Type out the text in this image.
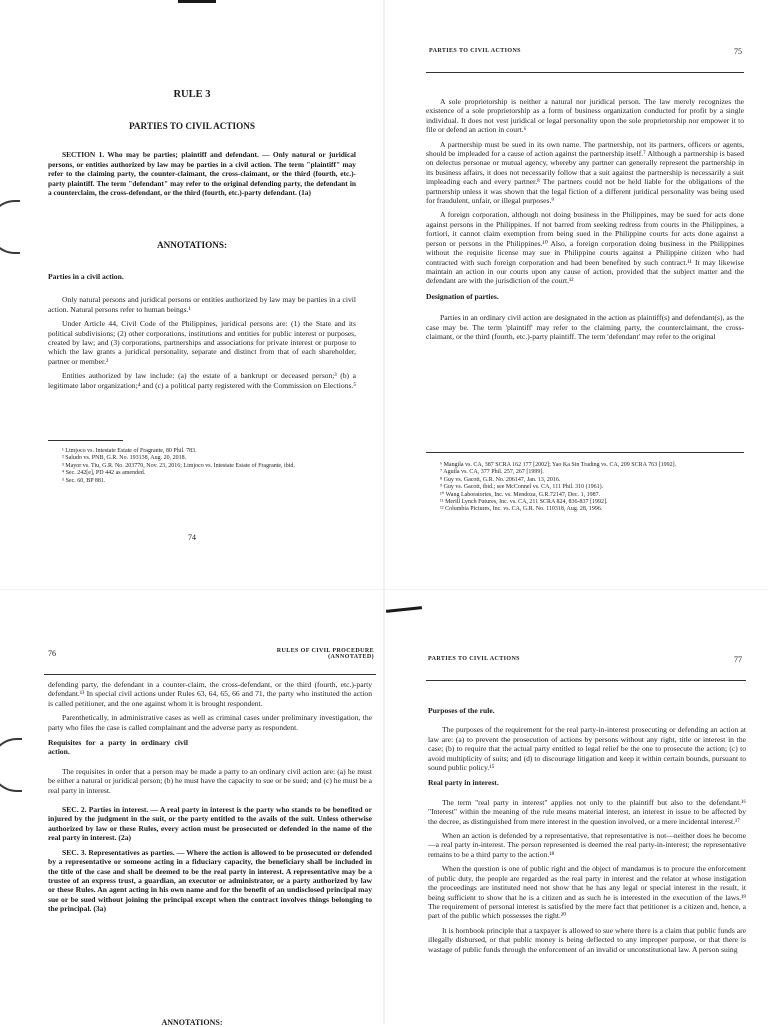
RULE 3
PARTIES TO CIVIL ACTIONS
SECTION 1. Who may be parties; plaintiff and defendant. — Only natural or juridical persons, or entities authorized by law may be parties in a civil action. The term "plaintiff" may refer to the claiming party, the counter-claimant, the cross-claimant, or the third (fourth, etc.)-party plaintiff. The term "defendant" may refer to the original defending party, the defendant in a counterclaim, the cross-defendant, or the third (fourth, etc.)-party defendant. (1a)
ANNOTATIONS:
Parties in a civil action.

Only natural persons and juridical persons or entities authorized by law may be parties in a civil action. Natural persons refer to human beings.¹

Under Article 44, Civil Code of the Philippines, juridical persons are: (1) the State and its political subdivisions; (2) other corporations, institutions and entities for public interest or purposes, created by law; and (3) corporations, partnerships and associations for private interest or purpose to which the law grants a juridical personality, separate and distinct from that of each shareholder, partner or member.²

Entities authorized by law include: (a) the estate of a bankrupt or deceased person;³ (b) a legitimate labor organization;⁴ and (c) a political party registered with the Commission on Elections.⁵

¹ Limjoco vs. Intestate Estate of Fragrante, 80 Phil. 783.
² Saludo vs. PNB, G.R. No. 193138, Aug. 20, 2018.
³ Mayor vs. Tiu, G.R. No. 203770, Nov. 23, 2016; Limjoco vs. Intestate Estate of Fragrante, ibid.
⁴ Sec. 242[e], PD 442 as amended.
⁵ Sec. 60, BP 881.
74
PARTIES TO CIVIL ACTIONS	75

A sole proprietorship is neither a natural nor juridical person. The law merely recognizes the existence of a sole proprietorship as a form of business organization conducted for profit by a single individual. It does not vest juridical or legal personality upon the sole proprietorship nor empower it to file or defend an action in court.⁶

A partnership must be sued in its own name. The partnership, not its partners, officers or agents, should be impleaded for a cause of action against the partnership itself.⁷ Although a partnership is based on delectus personae or mutual agency, whereby any partner can generally represent the partnership in its business affairs, it does not necessarily follow that a suit against the partnership is necessarily a suit impleading each and every partner.⁸ The partners could not be held liable for the obligations of the partnership unless it was shown that the legal fiction of a different juridical personality was being used for fraudulent, unfair, or illegal purposes.⁹

A foreign corporation, although not doing business in the Philippines, may be sued for acts done against persons in the Philippines. If not barred from seeking redress from courts in the Philippines, a fortiori, it cannot claim exemption from being sued in the Philippine courts for acts done against a person or persons in the Philippines.¹⁰ Also, a foreign corporation doing business in the Philippines without the requisite license may sue in Philippine courts against a Philippine citizen who had contracted with such foreign corporation and had been benefited by such contract.¹¹ It may likewise maintain an action in our courts upon any cause of action, provided that the subject matter and the defendant are with the jurisdiction of the court.¹²

Designation of parties.

Parties in an ordinary civil action are designated in the action as plaintiff(s) and defendant(s), as the case may be. The term 'plaintiff' may refer to the claiming party, the counterclaimant, the cross-claimant, or the third (fourth, etc.)-party plaintiff. The term 'defendant' may refer to the original

⁶ Mangila vs. CA, 387 SCRA 162 177 [2002]; Yao Ka Sin Trading vs. CA, 209 SCRA 763 [1992].
⁷ Aguila vs. CA, 377 Phil. 257, 267 [1999].
⁸ Guy vs. Gacott, G.R. No. 206147, Jan. 13, 2016.
⁹ Guy vs. Gacott, ibid.; see McConnel vs. CA, 111 Phil. 310 (1961).
¹⁰ Wang Laboratories, Inc. vs. Mendoza, G.R.72147, Dec. 1, 1987.
¹¹ Merill Lynch Futures, Inc. vs. CA, 211 SCRA 824, 836-837 [1992].
¹² Columbia Pictures, Inc. vs. CA, G.R. No. 110318, Aug. 28, 1996.
76	RULES OF CIVIL PROCEDURE
(ANNOTATED)

defending party, the defendant in a counter-claim, the cross-defendant, or the third (fourth, etc.)-party defendant.¹³ In special civil actions under Rules 63, 64, 65, 66 and 71, the party who instituted the action is called petitioner, and the one against whom it is brought respondent.

Parenthetically, in administrative cases as well as criminal cases under preliminary investigation, the party who files the case is called complainant and the adverse party as respondent.

Requisites for a party in ordinary civil action.

The requisites in order that a person may be made a party to an ordinary civil action are: (a) he must be either a natural or juridical person; (b) he must have the capacity to sue or be sued; and (c) he must be a real party in interest.

SEC. 2. Parties in interest. — A real party in interest is the party who stands to be benefited or injured by the judgment in the suit, or the party entitled to the avails of the suit. Unless otherwise authorized by law or these Rules, every action must be prosecuted or defended in the name of the real party in interest. (2a)

SEC. 3. Representatives as parties. — Where the action is allowed to be prosecuted or defended by a representative or someone acting in a fiduciary capacity, the beneficiary shall be included in the title of the case and shall be deemed to be the real party in interest. A representative may be a trustee of an express trust, a guardian, an executor or administrator, or a party authorized by law or these Rules. An agent acting in his own name and for the benefit of an undisclosed principal may sue or be sued without joining the principal except when the contract involves things belonging to the principal. (3a)

ANNOTATIONS:
PARTIES TO CIVIL ACTIONS	77
Purposes of the rule.

The purposes of the requirement for the real party-in-interest prosecuting or defending an action at law are: (a) to prevent the prosecution of actions by persons without any right, title or interest in the case; (b) to require that the actual party entitled to legal relief be the one to prosecute the action; (c) to avoid multiplicity of suits; and (d) to discourage litigation and keep it within certain bounds, pursuant to sound public policy.¹⁵

Real party in interest.

The term "real party in interest" applies not only to the plaintiff but also to the defendant.¹⁶ "Interest" within the meaning of the rule means material interest, an interest in issue to be affected by the decree, as distinguished from mere interest in the question involved, or a mere incidental interest.¹⁷

When an action is defended by a representative, that representative is not—neither does he become—a real party in-interest. The person represented is deemed the real party-in-interest; the representative remains to be a third party to the action.¹⁸

When the question is one of public right and the object of mandamus is to procure the enforcement of public duty, the people are regarded as the real party in interest and the relator at whose instigation the proceedings are instituted need not show that he has any legal or special interest in the result, it being sufficient to show that he is a citizen and as such he is interested in the execution of the laws.¹⁹ The requirement of personal interest is satisfied by the mere fact that petitioner is a citizen and, hence, a part of the public which possesses the right.²⁰

It is hornbook principle that a taxpayer is allowed to sue where there is a claim that public funds are illegally disbursed, or that public money is being deflected to any improper purpose, or that there is wastage of public funds through the enforcement of an invalid or unconstitutional law. A person suing
